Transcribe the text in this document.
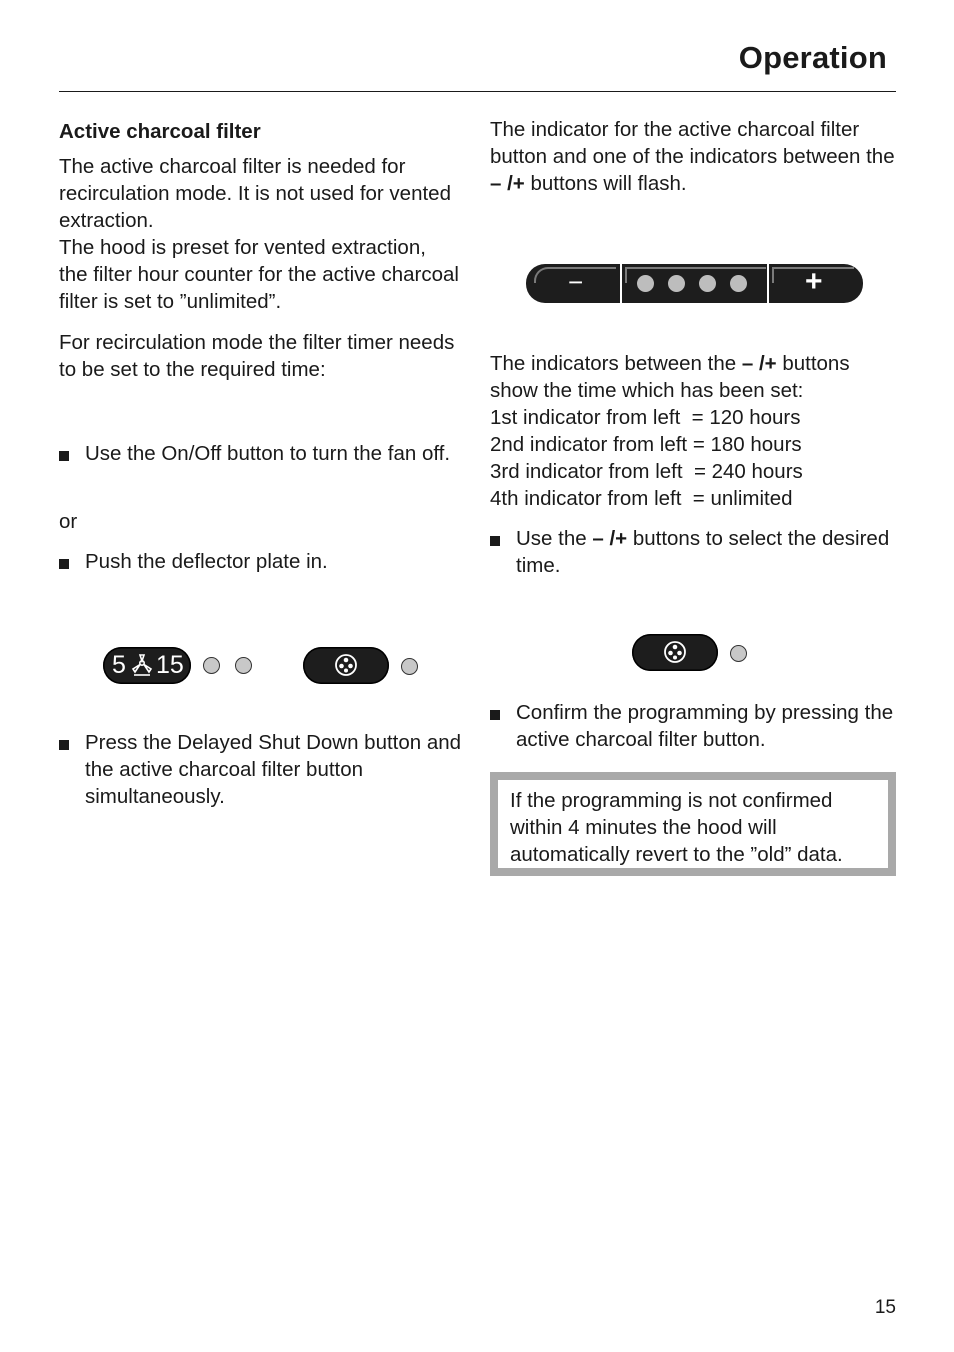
Operation

Active charcoal filter

The active charcoal filter is needed for recirculation mode. It is not used for vented extraction.

The hood is preset for vented extraction, the filter hour counter for the active charcoal filter is set to ”unlimited”.

For recirculation mode the filter timer needs to be set to the required time:

Use the On/Off button to turn the fan off.
or
Push the deflector plate in.
5 15
Press the Delayed Shut Down button and the active charcoal filter button simultaneously.

The indicator for the active charcoal filter button and one of the indicators between the – /+ buttons will flash.

−	+

The indicators between the – /+ buttons show the time which has been set:

1st indicator from left  = 120 hours

2nd indicator from left = 180 hours

3rd indicator from left  = 240 hours

4th indicator from left  = unlimited

Use the – /+ buttons to select the desired time.
Confirm the programming by pressing the active charcoal filter button.
If the programming is not confirmed within 4 minutes the hood will automatically revert to the ”old” data.
15
